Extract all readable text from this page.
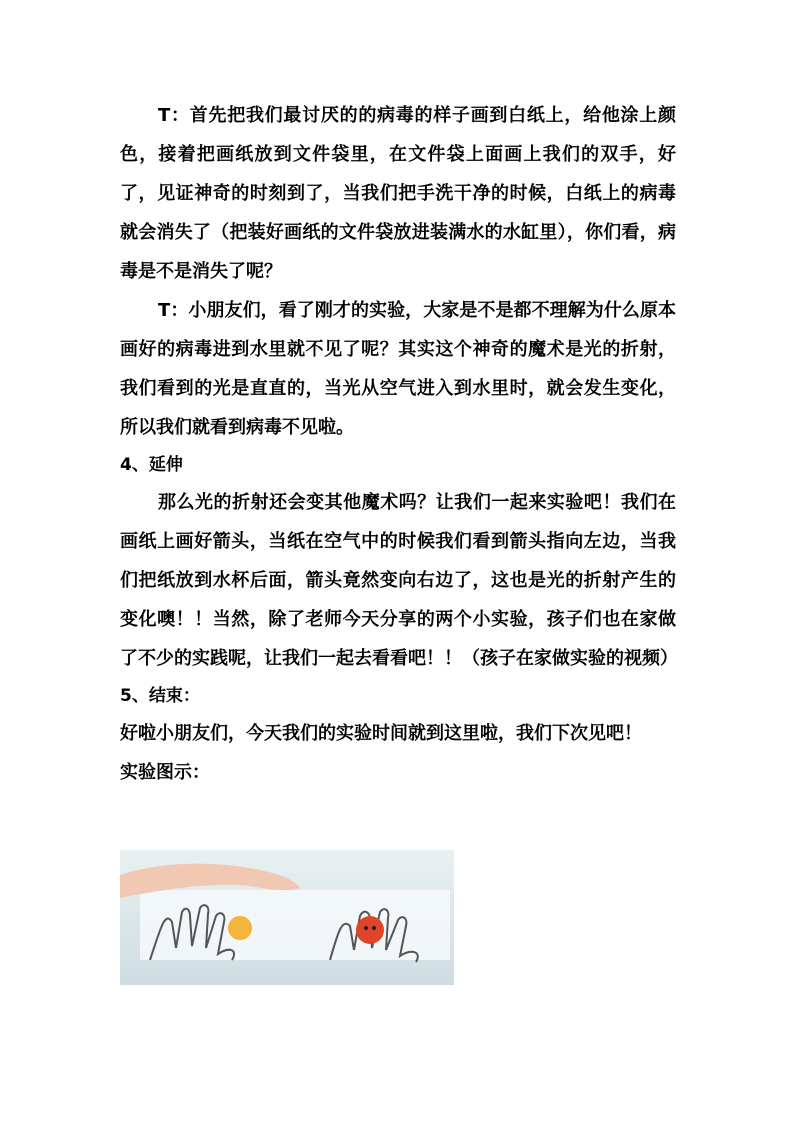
T：首先把我们最讨厌的的病毒的样子画到白纸上，给他涂上颜色，接着把画纸放到文件袋里，在文件袋上面画上我们的双手，好了，见证神奇的时刻到了，当我们把手洗干净的时候，白纸上的病毒就会消失了（把装好画纸的文件袋放进装满水的水缸里），你们看，病毒是不是消失了呢？

T：小朋友们，看了刚才的实验，大家是不是都不理解为什么原本画好的病毒进到水里就不见了呢？其实这个神奇的魔术是光的折射，我们看到的光是直直的，当光从空气进入到水里时，就会发生变化，所以我们就看到病毒不见啦。

4、延伸

那么光的折射还会变其他魔术吗？让我们一起来实验吧！我们在画纸上画好箭头，当纸在空气中的时候我们看到箭头指向左边，当我们把纸放到水杯后面，箭头竟然变向右边了，这也是光的折射产生的变化噢！！当然，除了老师今天分享的两个小实验，孩子们也在家做了不少的实践呢，让我们一起去看看吧！！（孩子在家做实验的视频）

5、结束：

好啦小朋友们，今天我们的实验时间就到这里啦，我们下次见吧！

实验图示：
